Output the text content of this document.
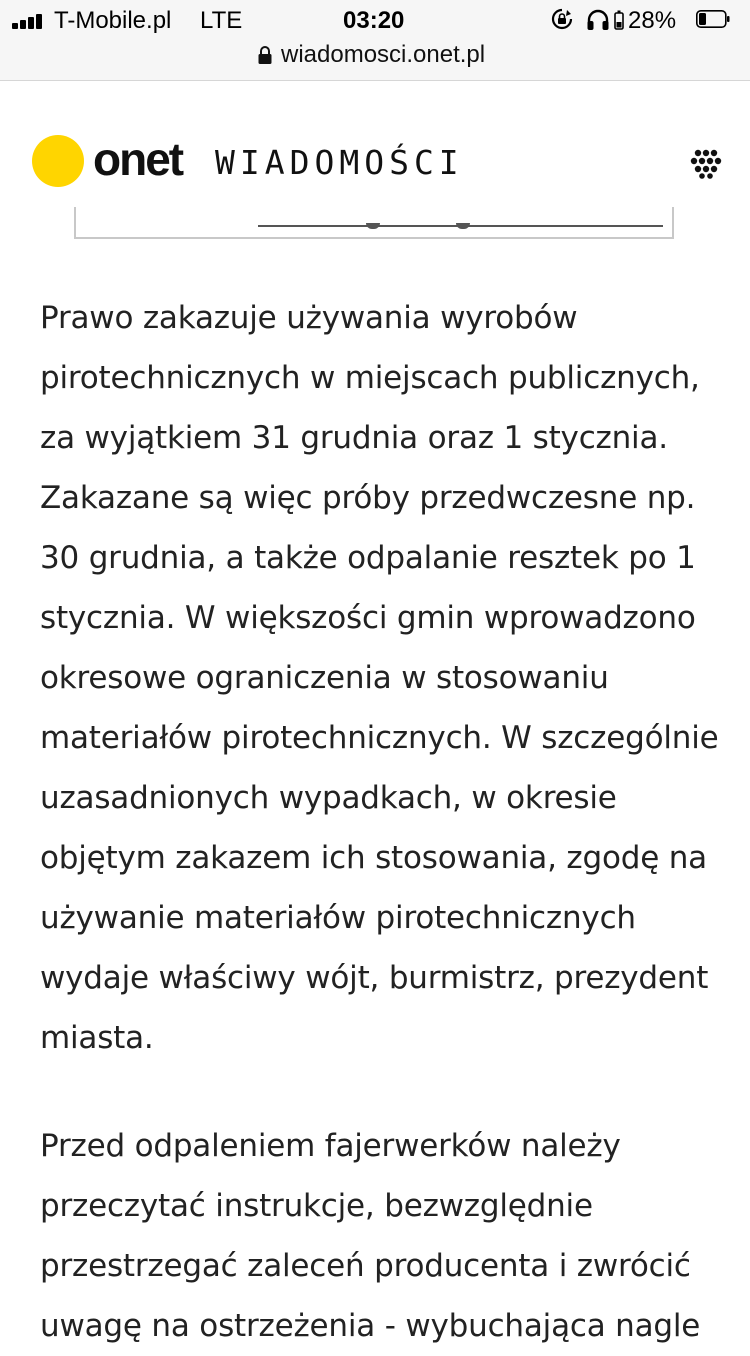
T-Mobile.pl LTE	03:20	28%
wiadomosci.onet.pl
onet WIADOMOŚCI

Prawo zakazuje używania wyrobów pirotechnicznych w miejscach publicznych, za wyjątkiem 31 grudnia oraz 1 stycznia. Zakazane są więc próby przedwczesne np. 30 grudnia, a także odpalanie resztek po 1 stycznia. W większości gmin wprowadzono okresowe ograniczenia w stosowaniu materiałów pirotechnicznych. W szczególnie uzasadnionych wypadkach, w okresie objętym zakazem ich stosowania, zgodę na używanie materiałów pirotechnicznych wydaje właściwy wójt, burmistrz, prezydent miasta.

Przed odpaleniem fajerwerków należy przeczytać instrukcje, bezwzględnie przestrzegać zaleceń producenta i zwrócić uwagę na ostrzeżenia - wybuchająca nagle
